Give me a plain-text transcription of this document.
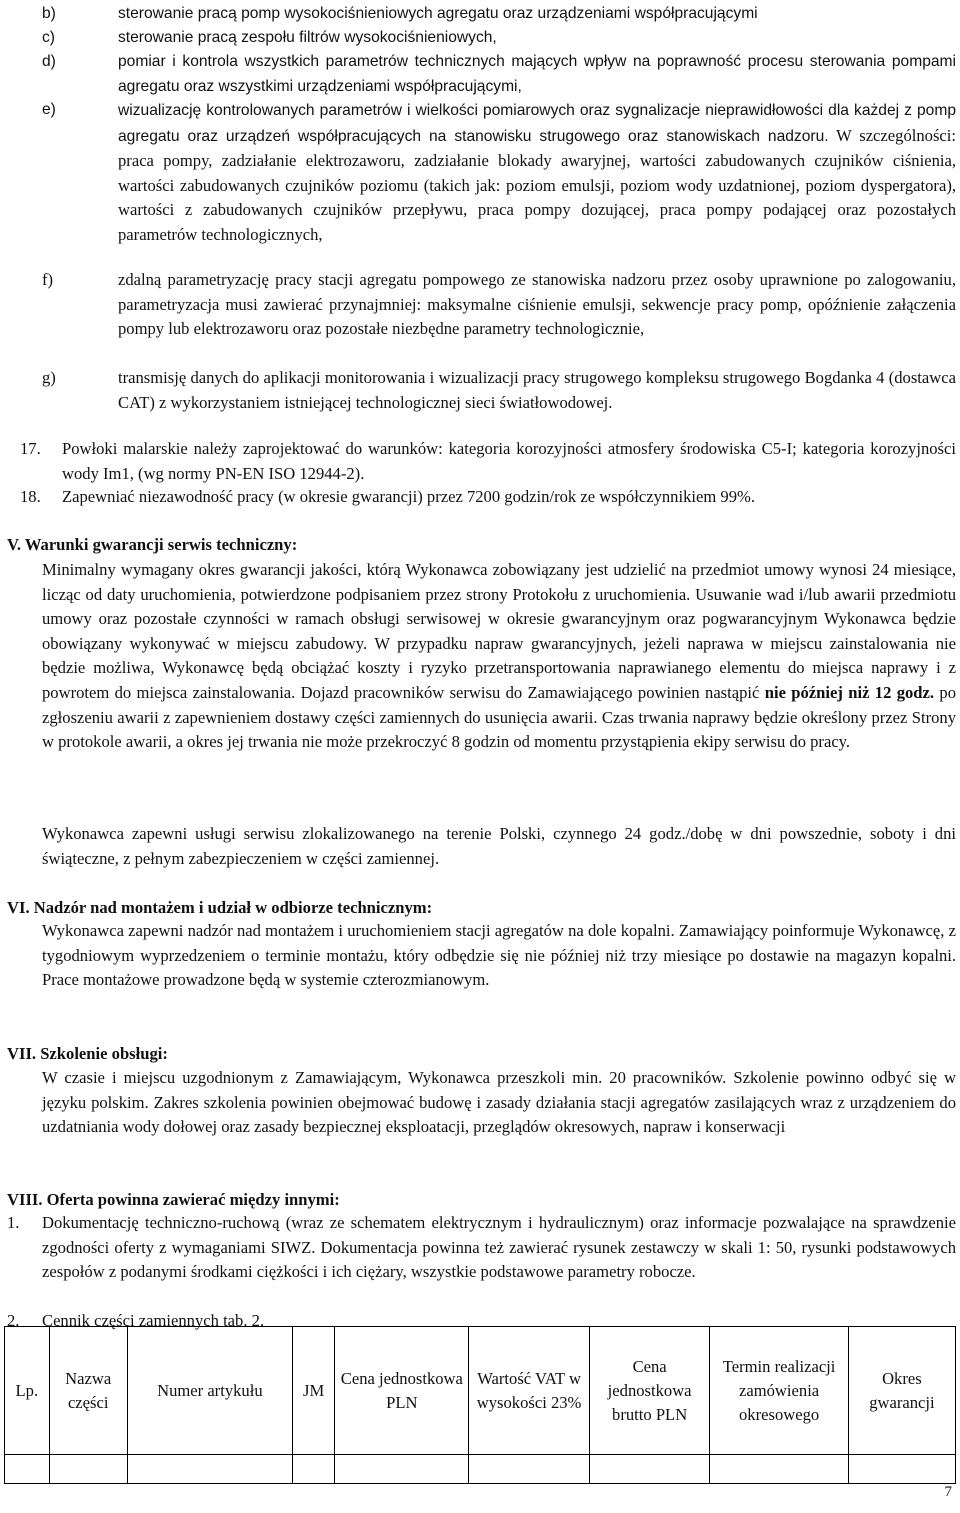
b)	sterowanie pracą pomp wysokociśnieniowych agregatu oraz urządzeniami współpracującymi
c)	sterowanie pracą zespołu filtrów wysokociśnieniowych,
d)	pomiar i kontrola wszystkich parametrów technicznych mających wpływ na poprawność procesu sterowania pompami agregatu oraz wszystkimi urządzeniami współpracującymi,
e)	wizualizację kontrolowanych parametrów i wielkości pomiarowych oraz sygnalizacje nieprawidłowości dla każdej z pomp agregatu oraz urządzeń współpracujących na stanowisku strugowego oraz stanowiskach nadzoru. W szczególności: praca pompy, zadziałanie elektrozaworu, zadziałanie blokady awaryjnej, wartości zabudowanych czujników ciśnienia, wartości zabudowanych czujników poziomu (takich jak: poziom emulsji, poziom wody uzdatnionej, poziom dyspergatora), wartości z zabudowanych czujników przepływu, praca pompy dozującej, praca pompy podającej oraz pozostałych parametrów technologicznych,
f)	zdalną parametryzację pracy stacji agregatu pompowego ze stanowiska nadzoru przez osoby uprawnione po zalogowaniu, parametryzacja musi zawierać przynajmniej: maksymalne ciśnienie emulsji, sekwencje pracy pomp, opóźnienie załączenia pompy lub elektrozaworu oraz pozostałe niezbędne parametry technologicznie,
g)	transmisję danych do aplikacji monitorowania i wizualizacji pracy strugowego kompleksu strugowego Bogdanka 4 (dostawca CAT) z wykorzystaniem istniejącej technologicznej sieci światłowodowej.
17. Powłoki malarskie należy zaprojektować do warunków: kategoria korozyjności atmosfery środowiska C5-I; kategoria korozyjności wody Im1, (wg normy PN-EN ISO 12944-2).
18. Zapewniać niezawodność pracy (w okresie gwarancji) przez 7200 godzin/rok ze współczynnikiem 99%.
V. Warunki gwarancji serwis techniczny:
Minimalny wymagany okres gwarancji jakości, którą Wykonawca zobowiązany jest udzielić na przedmiot umowy wynosi 24 miesiące, licząc od daty uruchomienia, potwierdzone podpisaniem przez strony Protokołu z uruchomienia. Usuwanie wad i/lub awarii przedmiotu umowy oraz pozostałe czynności w ramach obsługi serwisowej w okresie gwarancyjnym oraz pogwarancyjnym Wykonawca będzie obowiązany wykonywać w miejscu zabudowy. W przypadku napraw gwarancyjnych, jeżeli naprawa w miejscu zainstalowania nie będzie możliwa, Wykonawcę będą obciążać koszty i ryzyko przetransportowania naprawianego elementu do miejsca naprawy i z powrotem do miejsca zainstalowania. Dojazd pracowników serwisu do Zamawiającego powinien nastąpić nie później niż 12 godz. po zgłoszeniu awarii z zapewnieniem dostawy części zamiennych do usunięcia awarii. Czas trwania naprawy będzie określony przez Strony w protokole awarii, a okres jej trwania nie może przekroczyć 8 godzin od momentu przystąpienia ekipy serwisu do pracy.
Wykonawca zapewni usługi serwisu zlokalizowanego na terenie Polski, czynnego 24 godz./dobę w dni powszednie, soboty i dni świąteczne, z pełnym zabezpieczeniem w części zamiennej.
VI. Nadzór nad montażem i udział w odbiorze technicznym:
Wykonawca zapewni nadzór nad montażem i uruchomieniem stacji agregatów na dole kopalni. Zamawiający poinformuje Wykonawcę, z tygodniowym wyprzedzeniem o terminie montażu, który odbędzie się nie później niż trzy miesiące po dostawie na magazyn kopalni. Prace montażowe prowadzone będą w systemie czterozmianowym.
VII. Szkolenie obsługi:
W czasie i miejscu uzgodnionym z Zamawiającym, Wykonawca przeszkoli min. 20 pracowników. Szkolenie powinno odbyć się w języku polskim. Zakres szkolenia powinien obejmować budowę i zasady działania stacji agregatów zasilających wraz z urządzeniem do uzdatniania wody dołowej oraz zasady bezpiecznej eksploatacji, przeglądów okresowych, napraw i konserwacji
VIII. Oferta powinna zawierać między innymi:
1. Dokumentację techniczno-ruchową (wraz ze schematem elektrycznym i hydraulicznym) oraz informacje pozwalające na sprawdzenie zgodności oferty z wymaganiami SIWZ. Dokumentacja powinna też zawierać rysunek zestawczy w skali 1: 50, rysunki podstawowych zespołów z podanymi środkami ciężkości i ich ciężary, wszystkie podstawowe parametry robocze.
2. Cennik części zamiennych tab. 2.
Lp.	Nazwa części	Numer artykułu	JM	Cena jednostkowa PLN	Wartość VAT w wysokości 23%	Cena jednostkowa brutto PLN	Termin realizacji zamówienia okresowego	Okres gwarancji

7
